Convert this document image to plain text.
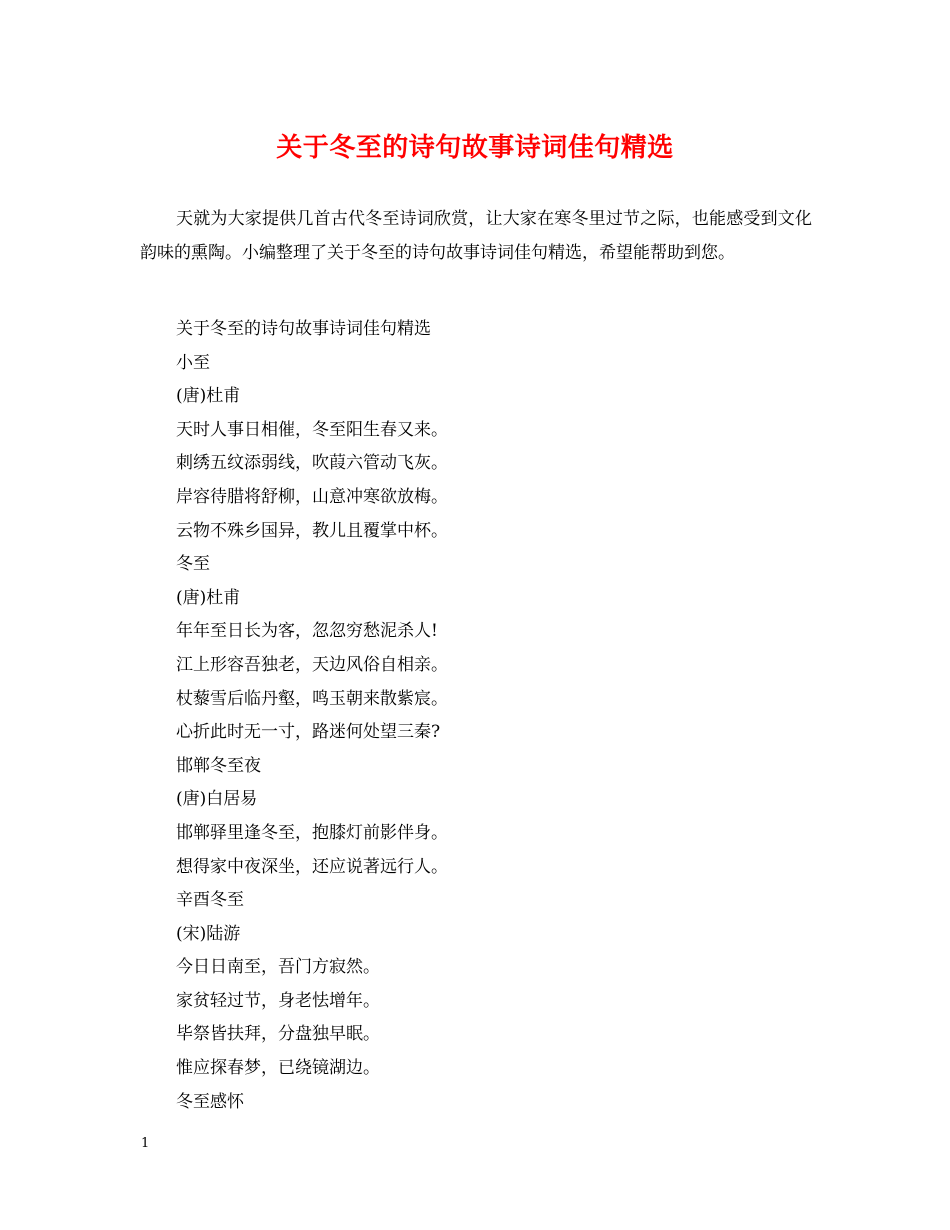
关于冬至的诗句故事诗词佳句精选
天就为大家提供几首古代冬至诗词欣赏，让大家在寒冬里过节之际，也能感受到文化韵味的熏陶。小编整理了关于冬至的诗句故事诗词佳句精选，希望能帮助到您。
关于冬至的诗句故事诗词佳句精选
小至
(唐)杜甫
天时人事日相催，冬至阳生春又来。
刺绣五纹添弱线，吹葭六管动飞灰。
岸容待腊将舒柳，山意冲寒欲放梅。
云物不殊乡国异，教儿且覆掌中杯。
冬至
(唐)杜甫
年年至日长为客，忽忽穷愁泥杀人!
江上形容吾独老，天边风俗自相亲。
杖藜雪后临丹壑，鸣玉朝来散紫宸。
心折此时无一寸，路迷何处望三秦?
邯郸冬至夜
(唐)白居易
邯郸驿里逢冬至，抱膝灯前影伴身。
想得家中夜深坐，还应说著远行人。
辛酉冬至
(宋)陆游
今日日南至，吾门方寂然。
家贫轻过节，身老怯增年。
毕祭皆扶拜，分盘独早眠。
惟应探春梦，已绕镜湖边。
冬至感怀
1
